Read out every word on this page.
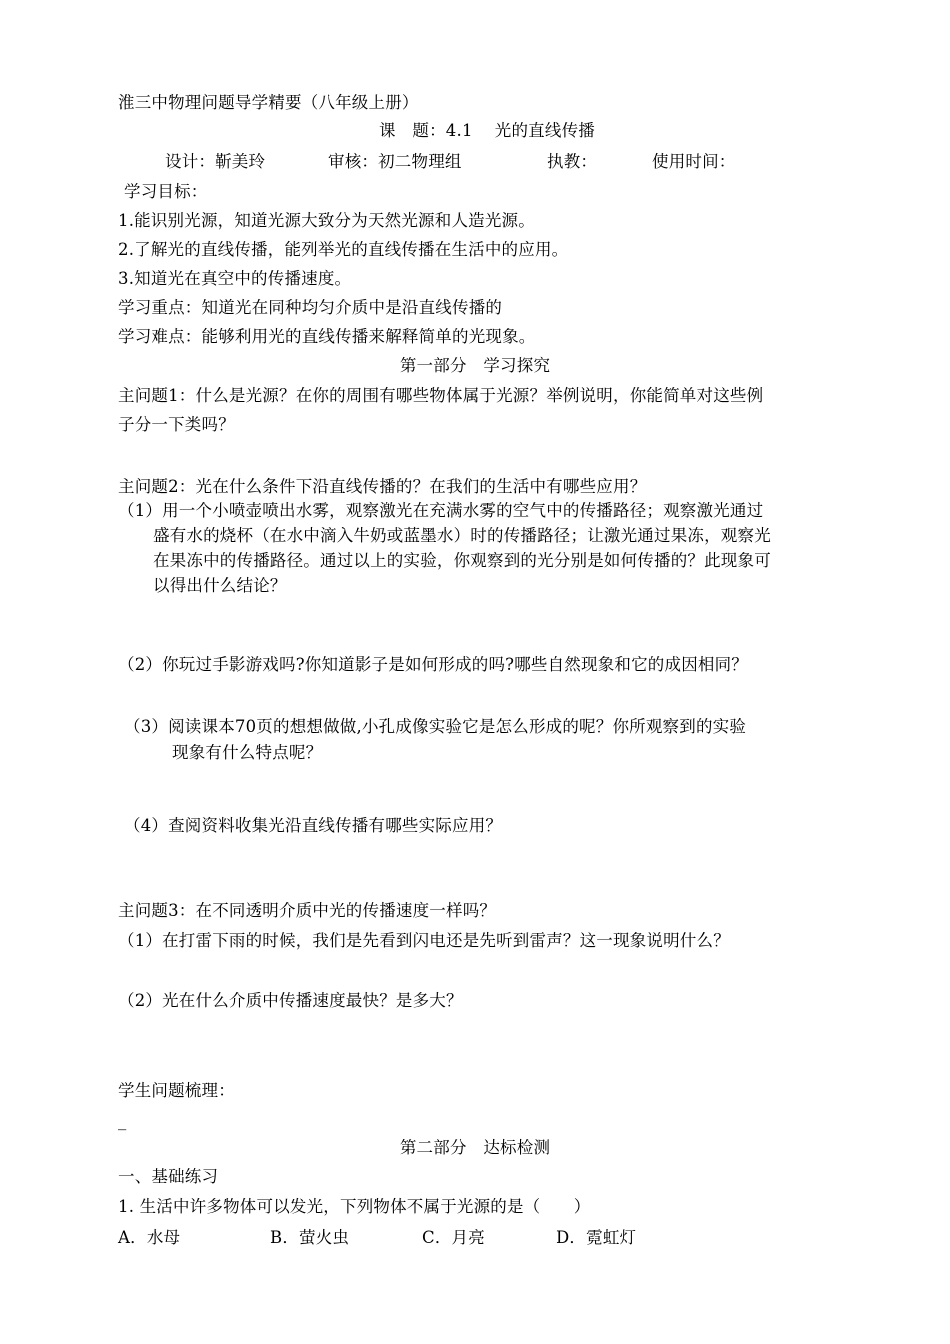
淮三中物理问题导学精要（八年级上册）
课　题：4.1　 光的直线传播
设计：靳美玲	审核：初二物理组	执教：	使用时间：
学习目标：
1.能识别光源，知道光源大致分为天然光源和人造光源。
2.了解光的直线传播，能列举光的直线传播在生活中的应用。
3.知道光在真空中的传播速度。
学习重点：知道光在同种均匀介质中是沿直线传播的
学习难点：能够利用光的直线传播来解释简单的光现象。
第一部分　学习探究
主问题1：什么是光源？在你的周围有哪些物体属于光源？举例说明，你能简单对这些例
子分一下类吗？
主问题2：光在什么条件下沿直线传播的？在我们的生活中有哪些应用？
（1）用一个小喷壶喷出水雾，观察激光在充满水雾的空气中的传播路径；观察激光通过
盛有水的烧杯（在水中滴入牛奶或蓝墨水）时的传播路径；让激光通过果冻，观察光
在果冻中的传播路径。通过以上的实验，你观察到的光分别是如何传播的？此现象可
以得出什么结论？
（2）你玩过手影游戏吗?你知道影子是如何形成的吗?哪些自然现象和它的成因相同？
（3）阅读课本70页的想想做做,小孔成像实验它是怎么形成的呢？你所观察到的实验
现象有什么特点呢？
（4）查阅资料收集光沿直线传播有哪些实际应用？
主问题3：在不同透明介质中光的传播速度一样吗？
（1）在打雷下雨的时候，我们是先看到闪电还是先听到雷声？这一现象说明什么？
（2）光在什么介质中传播速度最快？是多大？
学生问题梳理：
_
第二部分　达标检测
一、基础练习
1. 生活中许多物体可以发光，下列物体不属于光源的是（　　）
A．水母	B．萤火虫	C．月亮	D．霓虹灯
